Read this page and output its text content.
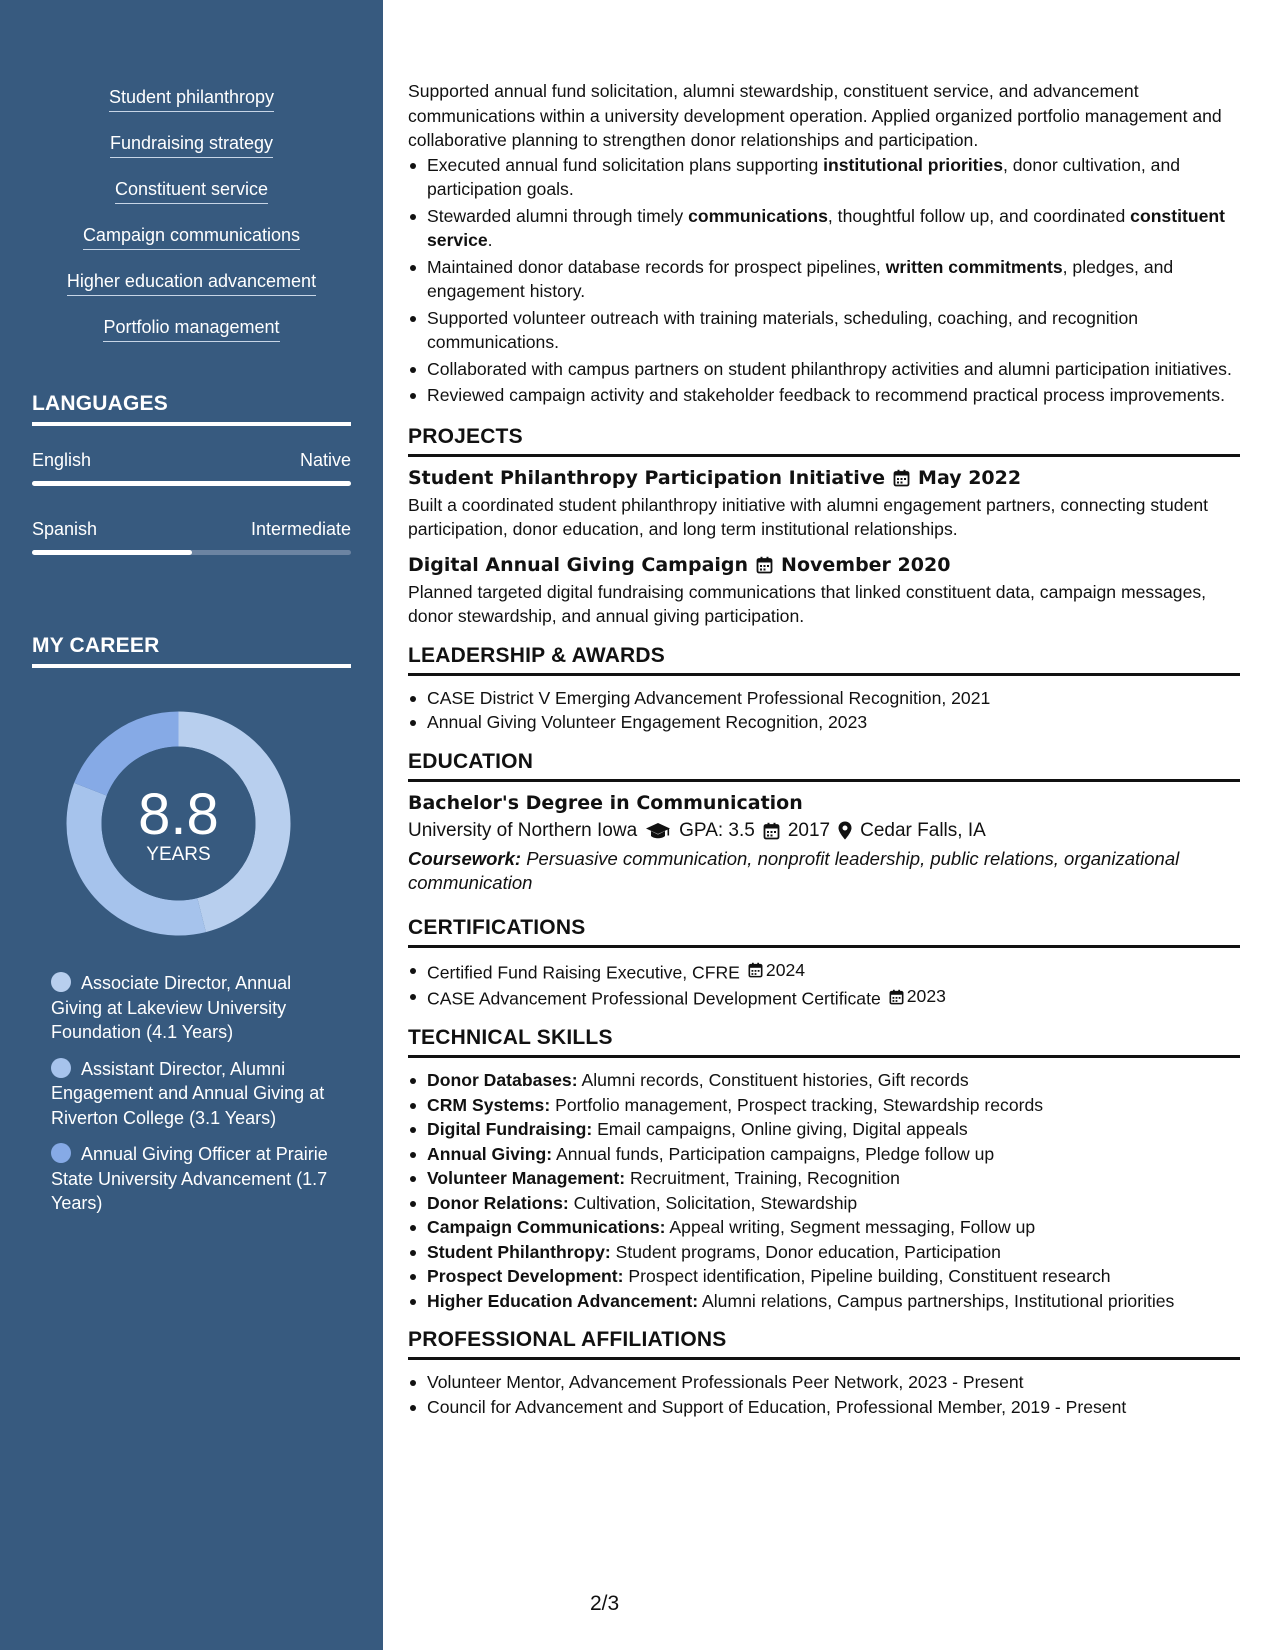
Student philanthropy
Fundraising strategy
Constituent service
Campaign communications
Higher education advancement
Portfolio management
LANGUAGES
English	Native
Spanish	Intermediate
MY CAREER
8.8
YEARS
Associate Director, Annual Giving at Lakeview University Foundation (4.1 Years)
Assistant Director, Alumni Engagement and Annual Giving at Riverton College (3.1 Years)
Annual Giving Officer at Prairie State University Advancement (1.7 Years)

Supported annual fund solicitation, alumni stewardship, constituent service, and advancement communications within a university development operation. Applied organized portfolio management and collaborative planning to strengthen donor relationships and participation.

Executed annual fund solicitation plans supporting institutional priorities, donor cultivation, and participation goals.
Stewarded alumni through timely communications, thoughtful follow up, and coordinated constituent service.
Maintained donor database records for prospect pipelines, written commitments, pledges, and engagement history.
Supported volunteer outreach with training materials, scheduling, coaching, and recognition communications.
Collaborated with campus partners on student philanthropy activities and alumni participation initiatives.
Reviewed campaign activity and stakeholder feedback to recommend practical process improvements.
PROJECTS
Student Philanthropy Participation Initiative May 2022

Built a coordinated student philanthropy initiative with alumni engagement partners, connecting student participation, donor education, and long term institutional relationships.

Digital Annual Giving Campaign November 2020

Planned targeted digital fundraising communications that linked constituent data, campaign messages, donor stewardship, and annual giving participation.

LEADERSHIP & AWARDS
CASE District V Emerging Advancement Professional Recognition, 2021
Annual Giving Volunteer Engagement Recognition, 2023
EDUCATION
Bachelor's Degree in Communication
University of Northern Iowa GPA: 3.5 2017 Cedar Falls, IA

Coursework: Persuasive communication, nonprofit leadership, public relations, organizational communication

CERTIFICATIONS
Certified Fund Raising Executive, CFRE 2024
CASE Advancement Professional Development Certificate 2023
TECHNICAL SKILLS
Donor Databases: Alumni records, Constituent histories, Gift records
CRM Systems: Portfolio management, Prospect tracking, Stewardship records
Digital Fundraising: Email campaigns, Online giving, Digital appeals
Annual Giving: Annual funds, Participation campaigns, Pledge follow up
Volunteer Management: Recruitment, Training, Recognition
Donor Relations: Cultivation, Solicitation, Stewardship
Campaign Communications: Appeal writing, Segment messaging, Follow up
Student Philanthropy: Student programs, Donor education, Participation
Prospect Development: Prospect identification, Pipeline building, Constituent research
Higher Education Advancement: Alumni relations, Campus partnerships, Institutional priorities
PROFESSIONAL AFFILIATIONS
Volunteer Mentor, Advancement Professionals Peer Network, 2023 - Present
Council for Advancement and Support of Education, Professional Member, 2019 - Present
2/3
